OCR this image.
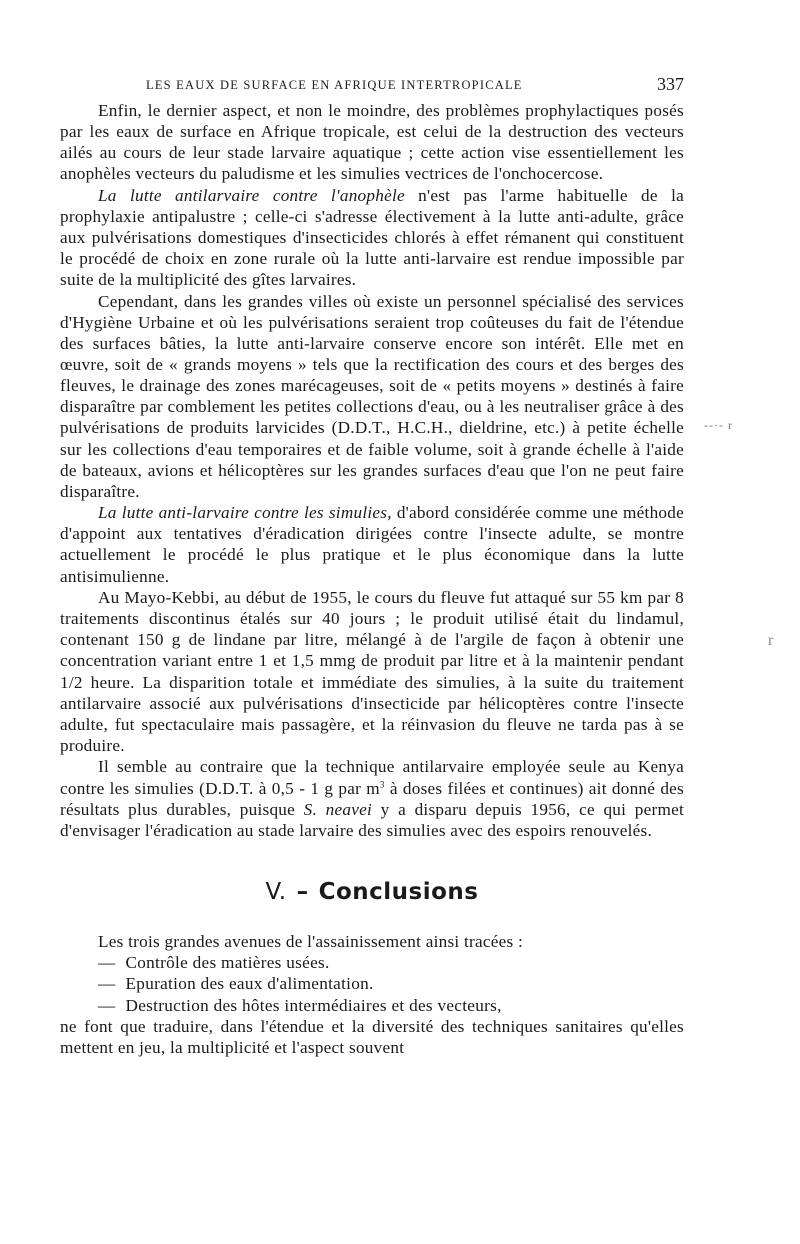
LES EAUX DE SURFACE EN AFRIQUE INTERTROPICALE	337

Enfin, le dernier aspect, et non le moindre, des problèmes prophylactiques posés par les eaux de surface en Afrique tropicale, est celui de la destruction des vecteurs ailés au cours de leur stade larvaire aquatique ; cette action vise essentiellement les anophèles vecteurs du paludisme et les simulies vectrices de l'onchocercose.

La lutte antilarvaire contre l'anophèle n'est pas l'arme habituelle de la prophylaxie antipalustre ; celle-ci s'adresse électivement à la lutte anti-adulte, grâce aux pulvérisations domestiques d'insecticides chlorés à effet rémanent qui constituent le procédé de choix en zone rurale où la lutte anti-larvaire est rendue impossible par suite de la multiplicité des gîtes larvaires.

Cependant, dans les grandes villes où existe un personnel spécialisé des services d'Hygiène Urbaine et où les pulvérisations seraient trop coûteuses du fait de l'étendue des surfaces bâties, la lutte anti-larvaire conserve encore son intérêt. Elle met en œuvre, soit de « grands moyens » tels que la rectification des cours et des berges des fleuves, le drainage des zones marécageuses, soit de « petits moyens » destinés à faire disparaître par comblement les petites collections d'eau, ou à les neutraliser grâce à des pulvérisations de produits larvicides (D.D.T., H.C.H., dieldrine, etc.) à petite échelle sur les collections d'eau temporaires et de faible volume, soit à grande échelle à l'aide de bateaux, avions et hélicoptères sur les grandes surfaces d'eau que l'on ne peut faire disparaître.

La lutte anti-larvaire contre les simulies, d'abord considérée comme une méthode d'appoint aux tentatives d'éradication dirigées contre l'insecte adulte, se montre actuellement le procédé le plus pratique et le plus économique dans la lutte antisimulienne.

Au Mayo-Kebbi, au début de 1955, le cours du fleuve fut attaqué sur 55 km par 8 traitements discontinus étalés sur 40 jours ; le produit utilisé était du lindamul, contenant 150 g de lindane par litre, mélangé à de l'argile de façon à obtenir une concentration variant entre 1 et 1,5 mmg de produit par litre et à la maintenir pendant 1/2 heure. La disparition totale et immédiate des simulies, à la suite du traitement antilarvaire associé aux pulvérisations d'insecticide par hélicoptères contre l'insecte adulte, fut spectaculaire mais passagère, et la réinvasion du fleuve ne tarda pas à se produire.

Il semble au contraire que la technique antilarvaire employée seule au Kenya contre les simulies (D.D.T. à 0,5 - 1 g par $m^3$ à doses filées et continues) ait donné des résultats plus durables, puisque S. neavei y a disparu depuis 1956, ce qui permet d'envisager l'éradication au stade larvaire des simulies avec des espoirs renouvelés.

V. – Conclusions

Les trois grandes avenues de l'assainissement ainsi tracées :

— Contrôle des matières usées.
— Epuration des eaux d'alimentation.
— Destruction des hôtes intermédiaires et des vecteurs,

ne font que traduire, dans l'étendue et la diversité des techniques sanitaires qu'elles mettent en jeu, la multiplicité et l'aspect souvent

--·- r
r
